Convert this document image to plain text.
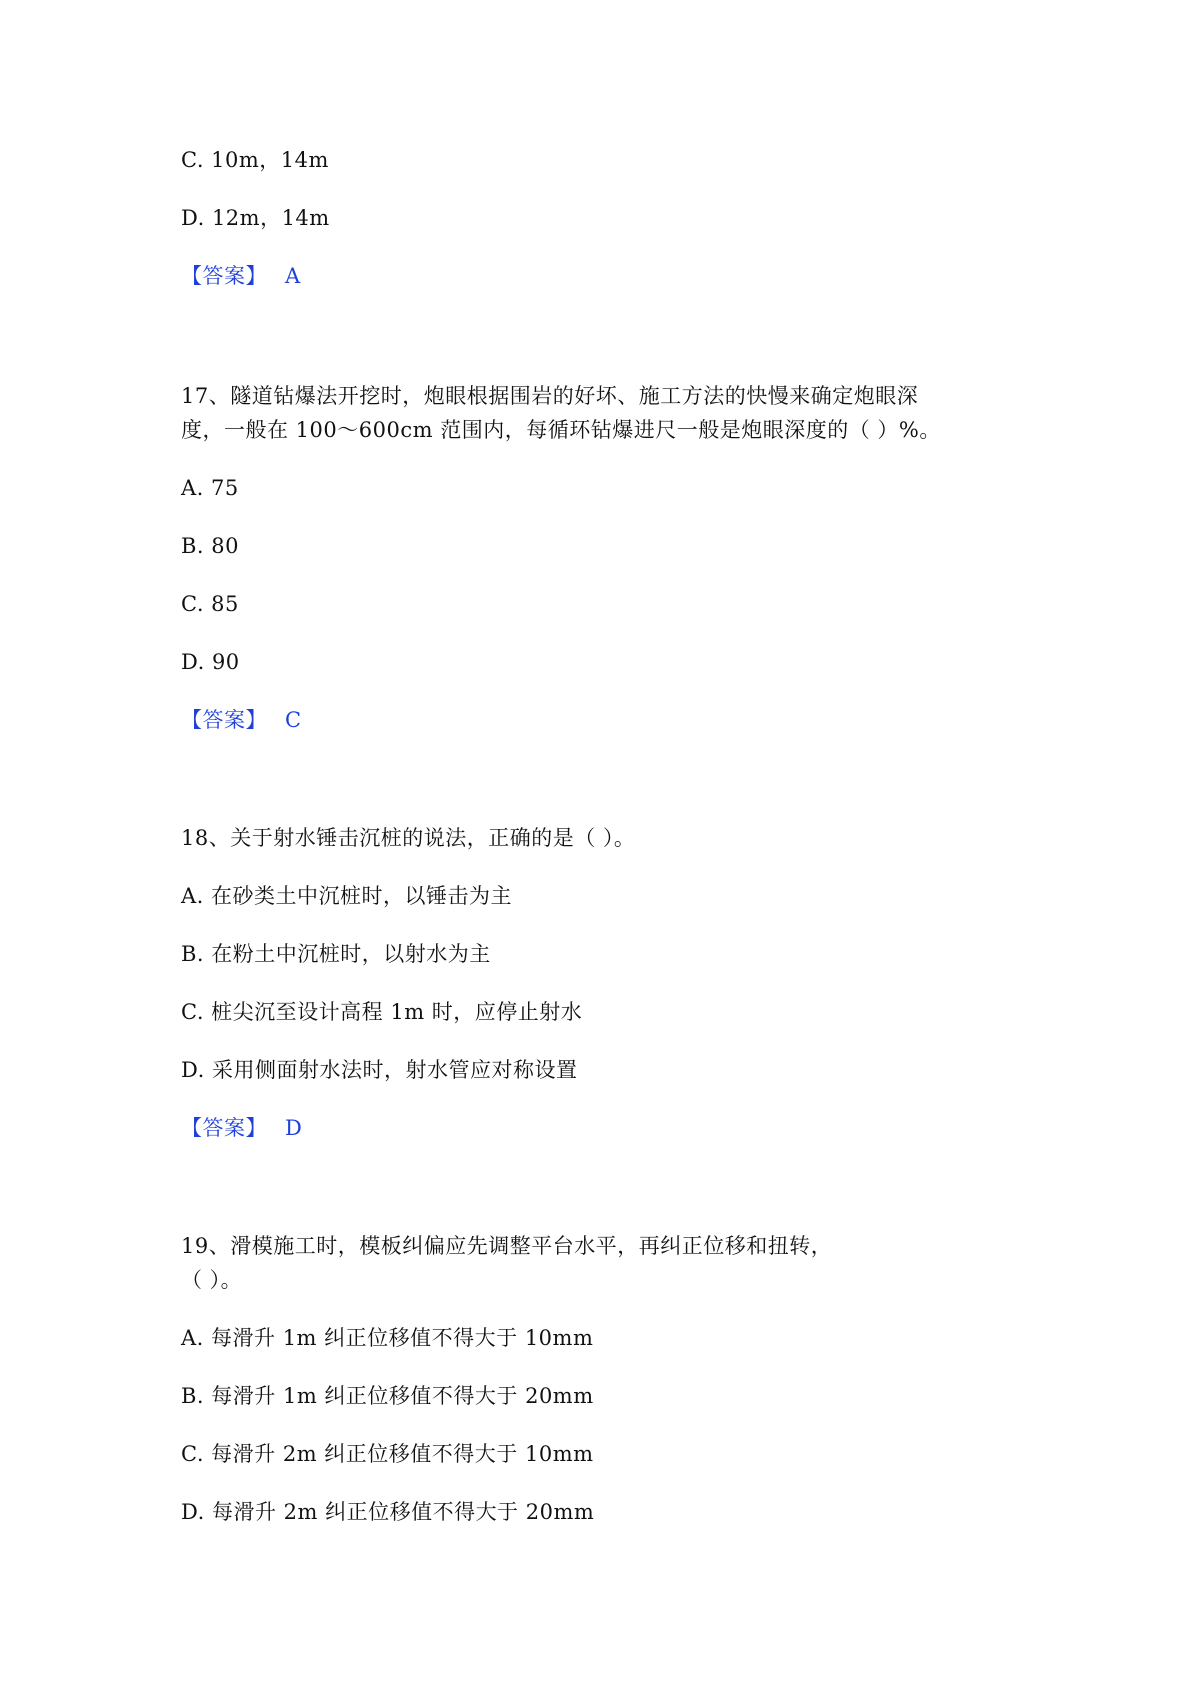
C. 10m，14m
D. 12m，14m
【答案】 A
17、隧道钻爆法开挖时，炮眼根据围岩的好坏、施工方法的快慢来确定炮眼深
度，一般在 100～600cm 范围内，每循环钻爆进尺一般是炮眼深度的（ ）%。
A. 75
B. 80
C. 85
D. 90
【答案】 C
18、关于射水锤击沉桩的说法，正确的是（ ）。
A. 在砂类土中沉桩时，以锤击为主
B. 在粉土中沉桩时，以射水为主
C. 桩尖沉至设计高程 1m 时，应停止射水
D. 采用侧面射水法时，射水管应对称设置
【答案】 D
19、滑模施工时，模板纠偏应先调整平台水平，再纠正位移和扭转，
（ ）。
A. 每滑升 1m 纠正位移值不得大于 10mm
B. 每滑升 1m 纠正位移值不得大于 20mm
C. 每滑升 2m 纠正位移值不得大于 10mm
D. 每滑升 2m 纠正位移值不得大于 20mm
